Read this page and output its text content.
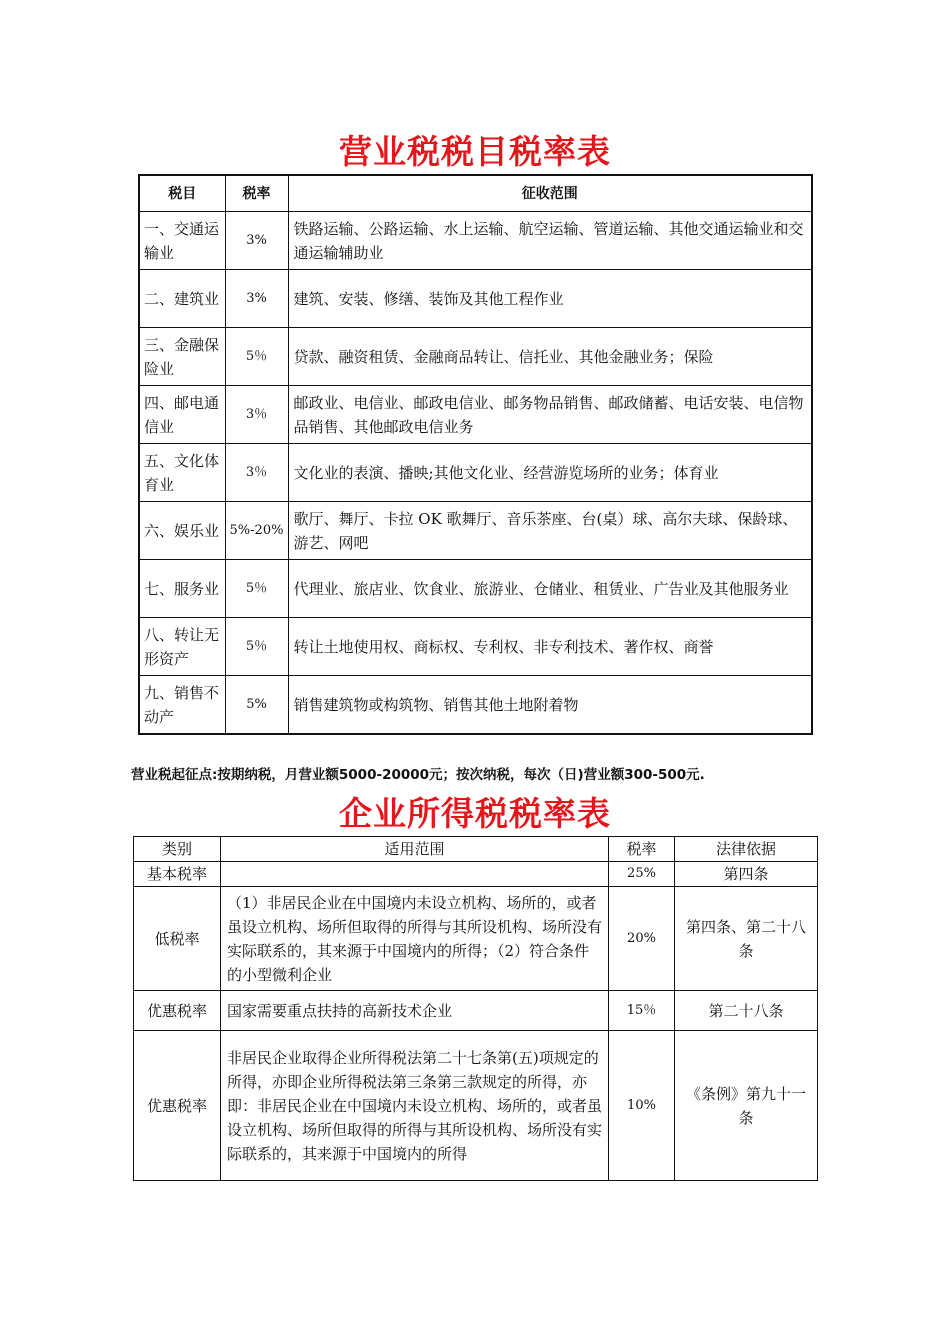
营业税税目税率表
税目	税率	征收范围
一、交通运输业	3%	铁路运输、公路运输、水上运输、航空运输、管道运输、其他交通运输业和交通运输辅助业
二、建筑业	3%	建筑、安装、修缮、装饰及其他工程作业
三、金融保险业	5％	贷款、融资租赁、金融商品转让、信托业、其他金融业务；保险
四、邮电通信业	3％	邮政业、电信业、邮政电信业、邮务物品销售、邮政储蓄、电话安装、电信物品销售、其他邮政电信业务
五、文化体育业	3％	文化业的表演、播映;其他文化业、经营游览场所的业务；体育业
六、娱乐业	5%-20%	歌厅、舞厅、卡拉 OK 歌舞厅、音乐茶座、台(桌）球、高尔夫球、保龄球、游艺、网吧
七、服务业	5％	代理业、旅店业、饮食业、旅游业、仓储业、租赁业、广告业及其他服务业
八、转让无形资产	5％	转让土地使用权、商标权、专利权、非专利技术、著作权、商誉
九、销售不动产	5%	销售建筑物或构筑物、销售其他土地附着物
营业税起征点:按期纳税，月营业额5000-20000元；按次纳税，每次（日)营业额300-500元.
企业所得税税率表
类别	适用范围	税率	法律依据
基本税率		25%	第四条
低税率	（1）非居民企业在中国境内未设立机构、场所的，或者虽设立机构、场所但取得的所得与其所设机构、场所没有实际联系的，其来源于中国境内的所得；（2）符合条件的小型微利企业	20%	第四条、第二十八条
优惠税率	国家需要重点扶持的高新技术企业	15％	第二十八条
优惠税率	非居民企业取得企业所得税法第二十七条第(五)项规定的所得，亦即企业所得税法第三条第三款规定的所得，亦即：非居民企业在中国境内未设立机构、场所的，或者虽设立机构、场所但取得的所得与其所设机构、场所没有实际联系的，其来源于中国境内的所得	10%	《条例》第九十一条
